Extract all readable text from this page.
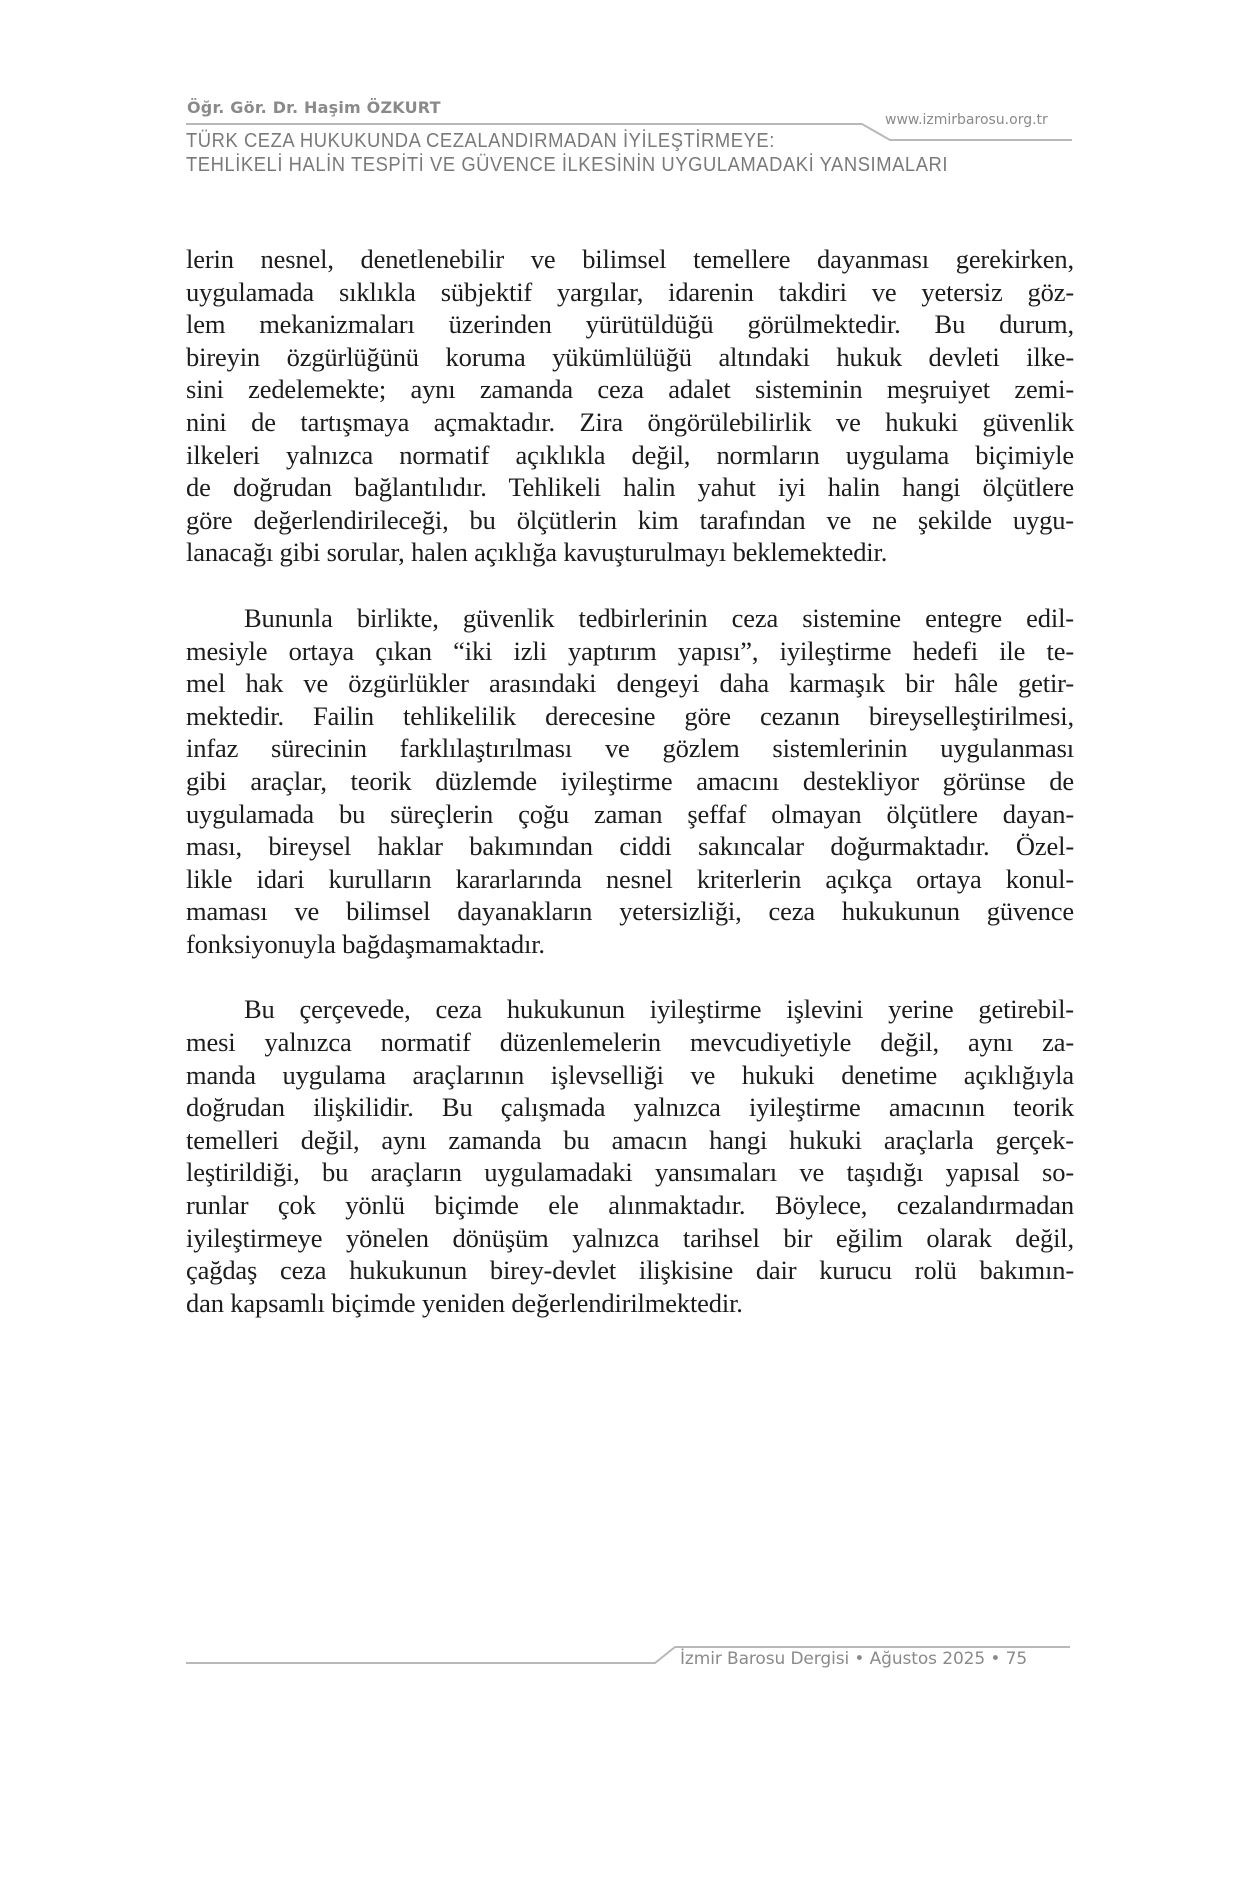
Öğr. Gör. Dr. Haşim ÖZKURT
www.izmirbarosu.org.tr
TÜRK CEZA HUKUKUNDA CEZALANDIRMADAN İYİLEŞTİRMEYE:
TEHLİKELİ HALİN TESPİTİ VE GÜVENCE İLKESİNİN UYGULAMADAKİ YANSIMALARI

lerin nesnel, denetlenebilir ve bilimsel temellere dayanması gerekirken,
uygulamada sıklıkla sübjektif yargılar, idarenin takdiri ve yetersiz göz-
lem mekanizmaları üzerinden yürütüldüğü görülmektedir. Bu durum,
bireyin özgürlüğünü koruma yükümlülüğü altındaki hukuk devleti ilke-
sini zedelemekte; aynı zamanda ceza adalet sisteminin meşruiyet zemi-
nini de tartışmaya açmaktadır. Zira öngörülebilirlik ve hukuki güvenlik
ilkeleri yalnızca normatif açıklıkla değil, normların uygulama biçimiyle
de doğrudan bağlantılıdır. Tehlikeli halin yahut iyi halin hangi ölçütlere
göre değerlendirileceği, bu ölçütlerin kim tarafından ve ne şekilde uygu-
lanacağı gibi sorular, halen açıklığa kavuşturulmayı beklemektedir.

Bununla birlikte, güvenlik tedbirlerinin ceza sistemine entegre edil-
mesiyle ortaya çıkan “iki izli yaptırım yapısı”, iyileştirme hedefi ile te-
mel hak ve özgürlükler arasındaki dengeyi daha karmaşık bir hâle getir-
mektedir. Failin tehlikelilik derecesine göre cezanın bireyselleştirilmesi,
infaz sürecinin farklılaştırılması ve gözlem sistemlerinin uygulanması
gibi araçlar, teorik düzlemde iyileştirme amacını destekliyor görünse de
uygulamada bu süreçlerin çoğu zaman şeffaf olmayan ölçütlere dayan-
ması, bireysel haklar bakımından ciddi sakıncalar doğurmaktadır. Özel-
likle idari kurulların kararlarında nesnel kriterlerin açıkça ortaya konul-
maması ve bilimsel dayanakların yetersizliği, ceza hukukunun güvence
fonksiyonuyla bağdaşmamaktadır.

Bu çerçevede, ceza hukukunun iyileştirme işlevini yerine getirebil-
mesi yalnızca normatif düzenlemelerin mevcudiyetiyle değil, aynı za-
manda uygulama araçlarının işlevselliği ve hukuki denetime açıklığıyla
doğrudan ilişkilidir. Bu çalışmada yalnızca iyileştirme amacının teorik
temelleri değil, aynı zamanda bu amacın hangi hukuki araçlarla gerçek-
leştirildiği, bu araçların uygulamadaki yansımaları ve taşıdığı yapısal so-
runlar çok yönlü biçimde ele alınmaktadır. Böylece, cezalandırmadan
iyileştirmeye yönelen dönüşüm yalnızca tarihsel bir eğilim olarak değil,
çağdaş ceza hukukunun birey-devlet ilişkisine dair kurucu rolü bakımın-
dan kapsamlı biçimde yeniden değerlendirilmektedir.

İzmir Barosu Dergisi • Ağustos 2025 • 75
